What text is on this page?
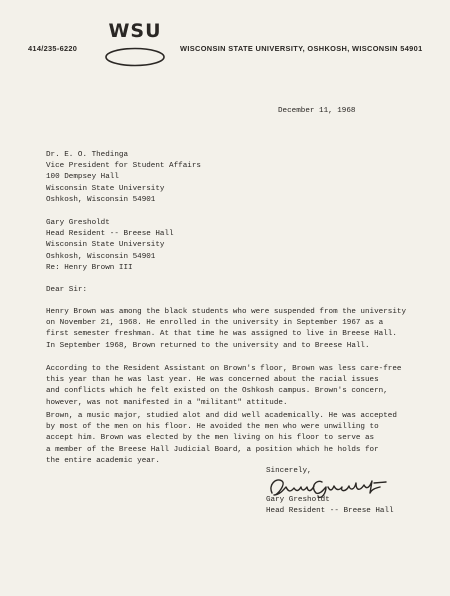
414/235-6220
WSU
WISCONSIN STATE UNIVERSITY, OSHKOSH, WISCONSIN 54901
December 11, 1968
Dr. E. O. Thedinga
Vice President for Student Affairs
100 Dempsey Hall
Wisconsin State University
Oshkosh, Wisconsin 54901
Gary Gresholdt
Head Resident -- Breese Hall
Wisconsin State University
Oshkosh, Wisconsin 54901
Re: Henry Brown III
Dear Sir:
Henry Brown was among the black students who were suspended from the university
on November 21, 1968. He enrolled in the university in September 1967 as a
first semester freshman. At that time he was assigned to live in Breese Hall.
In September 1968, Brown returned to the university and to Breese Hall.
According to the Resident Assistant on Brown's floor, Brown was less care-free
this year than he was last year. He was concerned about the racial issues
and conflicts which he felt existed on the Oshkosh campus. Brown's concern,
however, was not manifested in a "militant" attitude.
Brown, a music major, studied alot and did well academically. He was accepted
by most of the men on his floor. He avoided the men who were unwilling to
accept him. Brown was elected by the men living on his floor to serve as
a member of the Breese Hall Judicial Board, a position which he holds for
the entire academic year.
Sincerely,
Gary Gresholdt
Head Resident -- Breese Hall
